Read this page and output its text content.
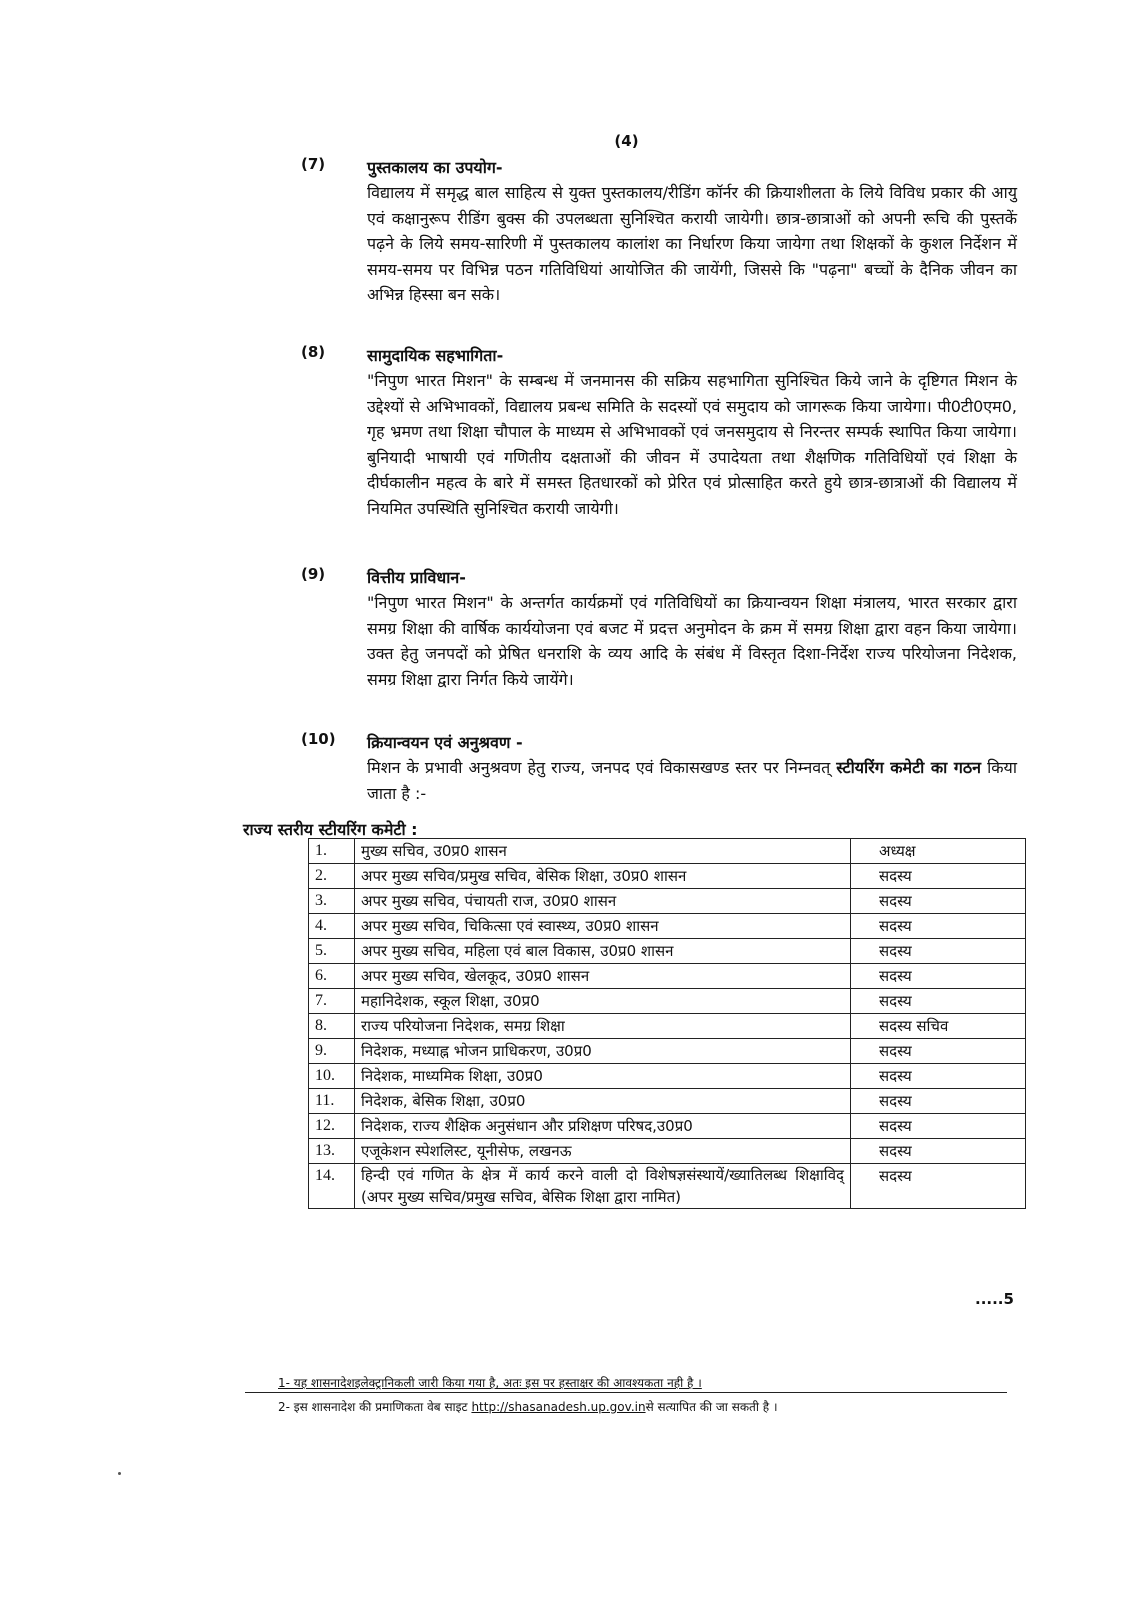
(4)
(7)	पुस्तकालय का उपयोग-
विद्यालय में समृद्ध बाल साहित्य से युक्त पुस्तकालय/रीडिंग कॉर्नर की क्रियाशीलता के लिये विविध प्रकार की आयु एवं कक्षानुरूप रीडिंग बुक्स की उपलब्धता सुनिश्चित करायी जायेगी। छात्र-छात्राओं को अपनी रूचि की पुस्तकें पढ़ने के लिये समय-सारिणी में पुस्तकालय कालांश का निर्धारण किया जायेगा तथा शिक्षकों के कुशल निर्देशन में समय-समय पर विभिन्न पठन गतिविधियां आयोजित की जायेंगी, जिससे कि "पढ़ना" बच्चों के दैनिक जीवन का अभिन्न हिस्सा बन सके।
(8)	सामुदायिक सहभागिता-
"निपुण भारत मिशन" के सम्बन्ध में जनमानस की सक्रिय सहभागिता सुनिश्चित किये जाने के दृष्टिगत मिशन के उद्देश्यों से अभिभावकों, विद्यालय प्रबन्ध समिति के सदस्यों एवं समुदाय को जागरूक किया जायेगा। पी0टी0एम0, गृह भ्रमण तथा शिक्षा चौपाल के माध्यम से अभिभावकों एवं जनसमुदाय से निरन्तर सम्पर्क स्थापित किया जायेगा। बुनियादी भाषायी एवं गणितीय दक्षताओं की जीवन में उपादेयता तथा शैक्षणिक गतिविधियों एवं शिक्षा के दीर्घकालीन महत्व के बारे में समस्त हितधारकों को प्रेरित एवं प्रोत्साहित करते हुये छात्र-छात्राओं की विद्यालय में नियमित उपस्थिति सुनिश्चित करायी जायेगी।
(9)	वित्तीय प्राविधान-
"निपुण भारत मिशन" के अन्तर्गत कार्यक्रमों एवं गतिविधियों का क्रियान्वयन शिक्षा मंत्रालय, भारत सरकार द्वारा समग्र शिक्षा की वार्षिक कार्ययोजना एवं बजट में प्रदत्त अनुमोदन के क्रम में समग्र शिक्षा द्वारा वहन किया जायेगा। उक्त हेतु जनपदों को प्रेषित धनराशि के व्यय आदि के संबंध में विस्तृत दिशा-निर्देश राज्य परियोजना निदेशक, समग्र शिक्षा द्वारा निर्गत किये जायेंगे।
(10) क्रियान्वयन एवं अनुश्रवण -
मिशन के प्रभावी अनुश्रवण हेतु राज्य, जनपद एवं विकासखण्ड स्तर पर निम्नवत् स्टीयरिंग कमेटी का गठन किया जाता है :-
राज्य स्तरीय स्टीयरिंग कमेटी :
1.	मुख्य सचिव, उ0प्र0 शासन	अध्यक्ष
2.	अपर मुख्य सचिव/प्रमुख सचिव, बेसिक शिक्षा, उ0प्र0 शासन	सदस्य
3.	अपर मुख्य सचिव, पंचायती राज, उ0प्र0 शासन	सदस्य
4.	अपर मुख्य सचिव, चिकित्सा एवं स्वास्थ्य, उ0प्र0 शासन	सदस्य
5.	अपर मुख्य सचिव, महिला एवं बाल विकास, उ0प्र0 शासन	सदस्य
6.	अपर मुख्य सचिव, खेलकूद, उ0प्र0 शासन	सदस्य
7.	महानिदेशक, स्कूल शिक्षा, उ0प्र0	सदस्य
8.	राज्य परियोजना निदेशक, समग्र शिक्षा	सदस्य सचिव
9.	निदेशक, मध्याह्न भोजन प्राधिकरण, उ0प्र0	सदस्य
10.	निदेशक, माध्यमिक शिक्षा, उ0प्र0	सदस्य
11.	निदेशक, बेसिक शिक्षा, उ0प्र0	सदस्य
12.	निदेशक, राज्य शैक्षिक अनुसंधान और प्रशिक्षण परिषद,उ0प्र0	सदस्य
13.	एजूकेशन स्पेशलिस्ट, यूनीसेफ, लखनऊ	सदस्य
14.	हिन्दी एवं गणित के क्षेत्र में कार्य करने वाली दो विशेषज्ञसंस्थायें/ख्यातिलब्ध शिक्षाविद् (अपर मुख्य सचिव/प्रमुख सचिव, बेसिक शिक्षा द्वारा नामित)	सदस्य
.....5
1- यह शासनादेशइलेक्ट्रानिकली जारी किया गया है, अतः इस पर हस्ताक्षर की आवश्यकता नही है ।
2- इस शासनादेश की प्रमाणिकता वेब साइट http://shasanadesh.up.gov.inसे सत्यापित की जा सकती है ।
